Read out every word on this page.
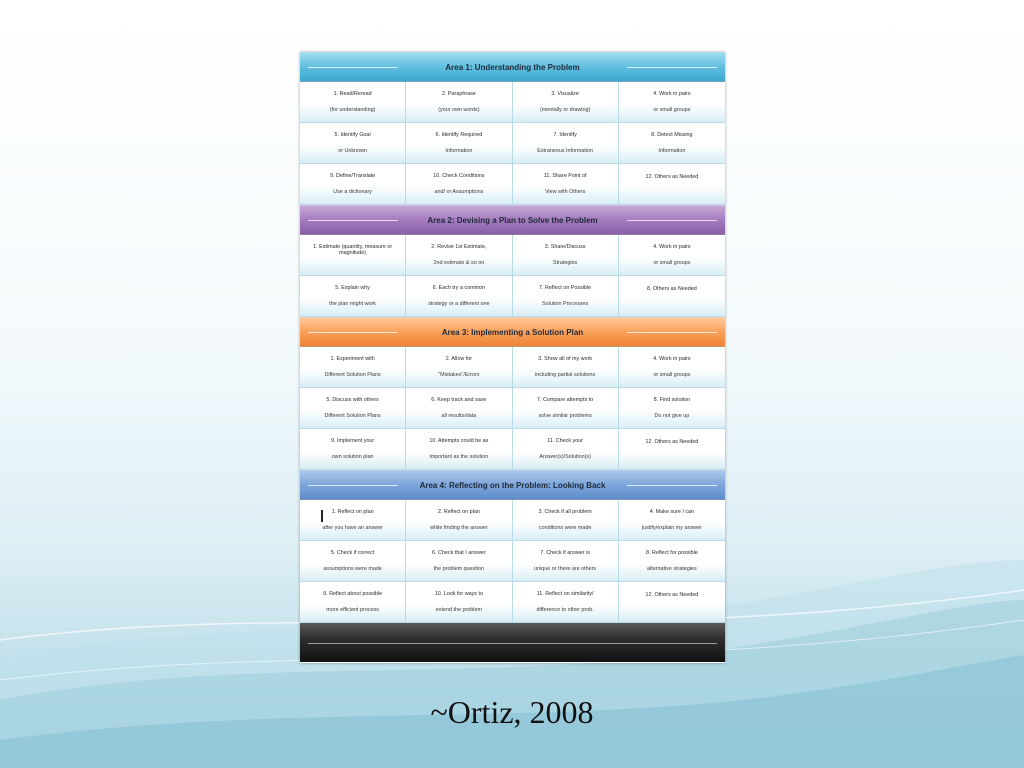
Area 1: Understanding the Problem
1. Read/Reread
(for understanding)
2. Paraphrase
(your own words)
3. Visualize
(mentally or drawing)
4. Work in pairs
or small groups
5. Identify Goal
or Unknown
6. Identify Required
Information
7. Identify
Extraneous Information
8. Detect Missing
Information
9. Define/Translate
Use a dictionary
10. Check Conditions
and/ or Assumptions
11. Share Point of
View with Others
12. Others as Needed
Area 2: Devising a Plan to Solve the Problem
1. Estimate (quantity, measure or magnitude)
2. Revise 1st Estimate,
2nd estimate & so on
3. Share/Discuss
Strategies
4. Work in pairs
or small groups
5. Explain why
the plan might work
6. Each try a common
strategy or a different one
7. Reflect on Possible
Solution Processes
8. Others as Needed
Area 3: Implementing a Solution Plan
1. Experiment with
Different Solution Plans
2. Allow for
"Mistakes"/Errors
3. Show all of my work
including partial solutions
4. Work in pairs
or small groups
5. Discuss with others
Different Solution Plans
6. Keep track and save
all results/data
7. Compare attempts to
solve similar problems
8. Find solution
Do not give up
9. Implement your
own solution plan
10. Attempts could be as
important as the solution
11. Check your
Answer(s)/Solution(s)
12. Others as Needed
Area 4: Reflecting on the Problem: Looking Back
1. Reflect on plan
after you have an answer
2. Reflect on plan
while finding the answer
3. Check if all problem
conditions were made
4. Make sure I can
justify/explain my answer
5. Check if correct
assumptions were made
6. Check that I answer
the problem question
7. Check if answer is
unique or there are others
8. Reflect for possible
alternative strategies
9. Reflect about possible
more efficient process
10. Look for ways to
extend the problem
11. Reflect on similarity/
difference to other prob.
12. Others as Needed
~Ortiz, 2008
